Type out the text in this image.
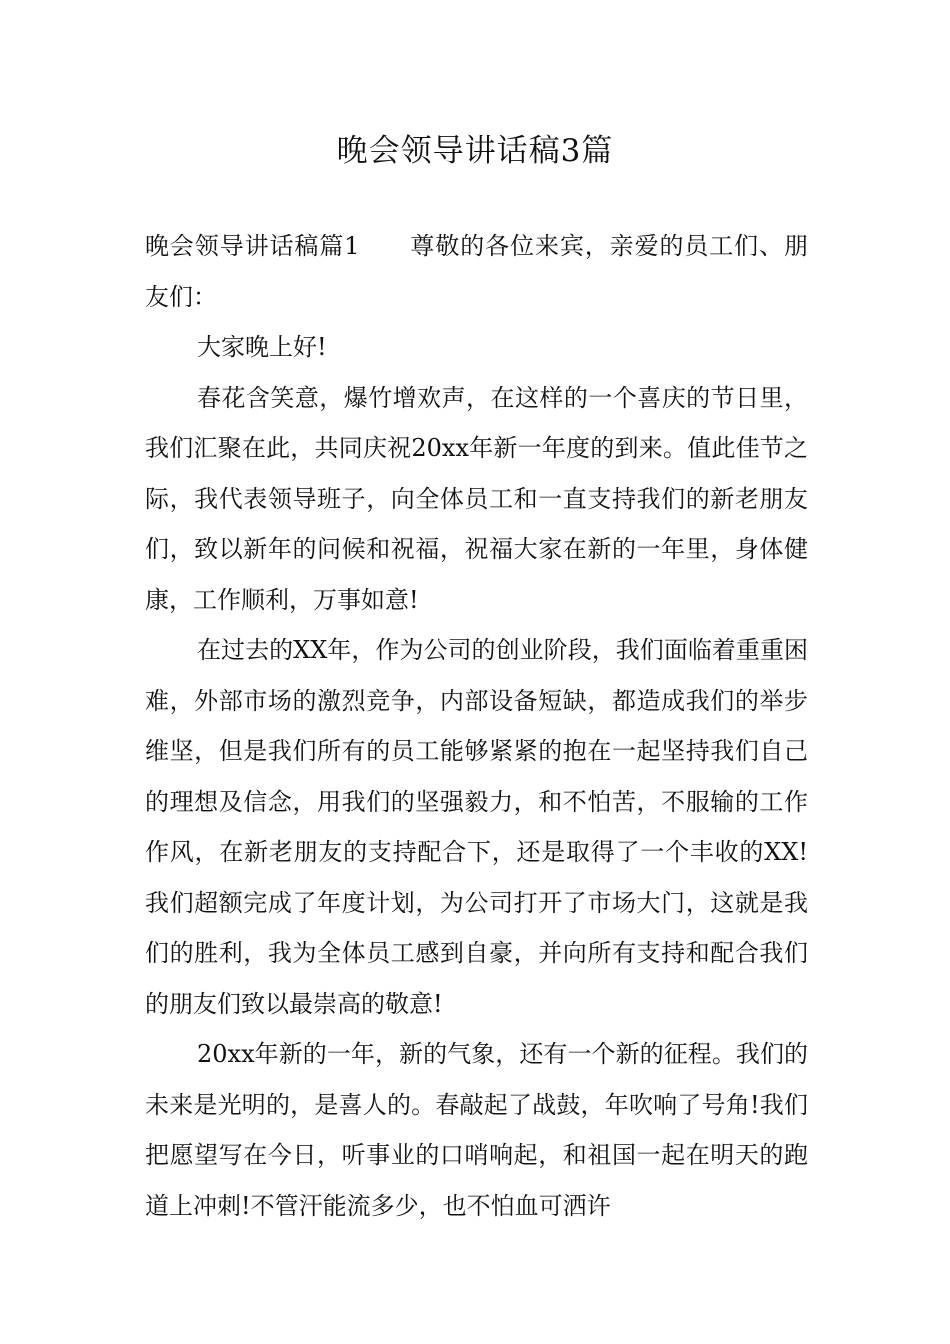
晚会领导讲话稿3篇

晚会领导讲话稿篇1 尊敬的各位来宾，亲爱的员工们、朋友们：

大家晚上好!

春花含笑意，爆竹增欢声，在这样的一个喜庆的节日里，我们汇聚在此，共同庆祝20xx年新一年度的到来。值此佳节之际，我代表领导班子，向全体员工和一直支持我们的新老朋友们，致以新年的问候和祝福，祝福大家在新的一年里，身体健康，工作顺利，万事如意!

在过去的XX年，作为公司的创业阶段，我们面临着重重困难，外部市场的激烈竞争，内部设备短缺，都造成我们的举步维坚，但是我们所有的员工能够紧紧的抱在一起坚持我们自己的理想及信念，用我们的坚强毅力，和不怕苦，不服输的工作作风，在新老朋友的支持配合下，还是取得了一个丰收的XX!我们超额完成了年度计划，为公司打开了市场大门，这就是我们的胜利，我为全体员工感到自豪，并向所有支持和配合我们的朋友们致以最崇高的敬意!

20xx年新的一年，新的气象，还有一个新的征程。我们的未来是光明的，是喜人的。春敲起了战鼓，年吹响了号角!我们把愿望写在今日，听事业的口哨响起，和祖国一起在明天的跑道上冲刺!不管汗能流多少，也不怕血可洒许
